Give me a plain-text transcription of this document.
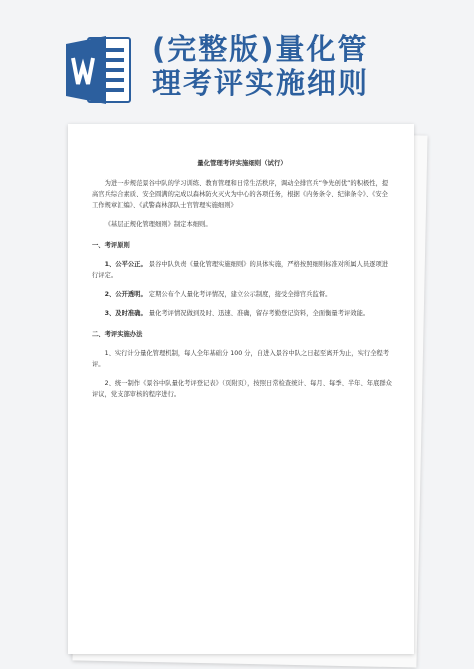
(完整版)量化管
理考评实施细则
量化管理考评实施细则（试行）

为进一步规范景谷中队的学习训练、教育管理和日常生活秩序，调动全排官兵“争先创优”的积极性，提高官兵综合素质、安全圆满的完成以森林防火灭火为中心的各项任务，根据《内务条令、纪律条令》、《安全工作规章汇编》、《武警森林部队士官管理实施细则》

《基层正规化管理细则》制定本细则。

一、考评原则

1、公平公正。 景谷中队负责《量化管理实施细则》的具体实施，严格按照细则标准对所属人员逐项进行评定。

2、公开透明。 定期公布个人量化考评情况，建立公示制度，接受全排官兵监督。

3、及时准确。 量化考评情况做到及时、迅速、准确，留存考勤登记资料，全面衡量考评效能。

二、考评实施办法

1、实行计分量化管理机制，每人全年基础分 100 分，自进入景谷中队之日起至离开为止，实行全程考评。

2、统一制作《景谷中队量化考评登记表》（页附页），按照日常检查统计、每月、每季、半年、年底群众评议，党支部审核的程序进行。
